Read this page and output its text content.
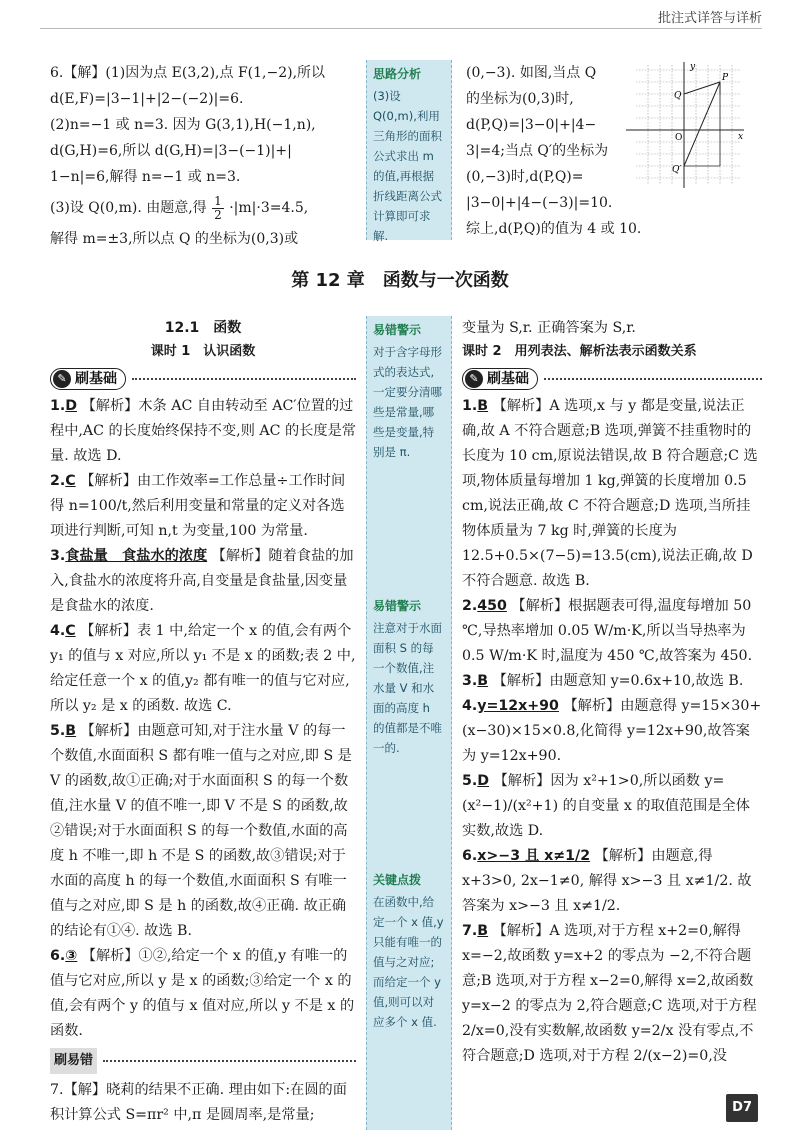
批注式详答与详析

6.【解】(1)因为点 E(3,2),点 F(1,−2),所以

d(E,F)=|3−1|+|2−(−2)|=6.

(2)n=−1 或 n=3. 因为 G(3,1),H(−1,n),

d(G,H)=6,所以 d(G,H)=|3−(−1)|+|

1−n|=6,解得 n=−1 或 n=3.

(3)设 Q(0,m). 由题意,得 $\frac{1}{2} \cdot|m|\cdot 3=4.5$,

解得 m=±3,所以点 Q 的坐标为(0,3)或

思路分析
(3)设 Q(0,m),利用三角形的面积公式求出 m 的值,再根据折线距离公式计算即可求解.

(0,−3). 如图,当点 Q

的坐标为(0,3)时,

d(P,Q)=|3−0|+|4−

3|=4;当点 Q′的坐标为

(0,−3)时,d(P,Q)=

|3−0|+|4−(−3)|=10.

综上,d(P,Q)的值为 4 或 10.

y
x
O
P
Q
Q′
第 12 章　函数与一次函数

12.1　函数

课时 1　认识函数

✎ 刷基础
1.D 【解析】木条 AC 自由转动至 AC′位置的过程中,AC 的长度始终保持不变,则 AC 的长度是常量. 故选 D.
2.C 【解析】由工作效率=工作总量÷工作时间得 n=100/t,然后利用变量和常量的定义对各选项进行判断,可知 n,t 为变量,100 为常量.
3.食盐量　食盐水的浓度 【解析】随着食盐的加入,食盐水的浓度将升高,自变量是食盐量,因变量是食盐水的浓度.
4.C 【解析】表 1 中,给定一个 x 的值,会有两个 y₁ 的值与 x 对应,所以 y₁ 不是 x 的函数;表 2 中,给定任意一个 x 的值,y₂ 都有唯一的值与它对应,所以 y₂ 是 x 的函数. 故选 C.
5.B 【解析】由题意可知,对于注水量 V 的每一个数值,水面面积 S 都有唯一值与之对应,即 S 是 V 的函数,故①正确;对于水面面积 S 的每一个数值,注水量 V 的值不唯一,即 V 不是 S 的函数,故②错误;对于水面面积 S 的每一个数值,水面的高度 h 不唯一,即 h 不是 S 的函数,故③错误;对于水面的高度 h 的每一个数值,水面面积 S 有唯一值与之对应,即 S 是 h 的函数,故④正确. 故正确的结论有①④. 故选 B.
6.③ 【解析】①②,给定一个 x 的值,y 有唯一的值与它对应,所以 y 是 x 的函数;③给定一个 x 的值,会有两个 y 的值与 x 值对应,所以 y 不是 x 的函数.
刷易错
7.【解】晓莉的结果不正确. 理由如下:在圆的面积计算公式 S=πr² 中,π 是圆周率,是常量;
易错警示
对于含字母形式的表达式,一定要分清哪些是常量,哪些是变量,特别是 π.
易错警示
注意对于水面面积 S 的每一个数值,注水量 V 和水面的高度 h 的值都是不唯一的.
关键点拨
在函数中,给定一个 x 值,y 只能有唯一的值与之对应;而给定一个 y 值,则可以对应多个 x 值.

变量为 S,r. 正确答案为 S,r.

课时 2　用列表法、解析法表示函数关系

✎ 刷基础
1.B 【解析】A 选项,x 与 y 都是变量,说法正确,故 A 不符合题意;B 选项,弹簧不挂重物时的长度为 10 cm,原说法错误,故 B 符合题意;C 选项,物体质量每增加 1 kg,弹簧的长度增加 0.5 cm,说法正确,故 C 不符合题意;D 选项,当所挂物体质量为 7 kg 时,弹簧的长度为 12.5+0.5×(7−5)=13.5(cm),说法正确,故 D 不符合题意. 故选 B.
2.450 【解析】根据题表可得,温度每增加 50 ℃,导热率增加 0.05 W/m·K,所以当导热率为 0.5 W/m·K 时,温度为 450 ℃,故答案为 450.
3.B 【解析】由题意知 y=0.6x+10,故选 B.
4.y=12x+90 【解析】由题意得 y=15×30+(x−30)×15×0.8,化简得 y=12x+90,故答案为 y=12x+90.
5.D 【解析】因为 x²+1>0,所以函数 y=(x²−1)/(x²+1) 的自变量 x 的取值范围是全体实数,故选 D.
6.x>−3 且 x≠1/2 【解析】由题意,得 x+3>0, 2x−1≠0, 解得 x>−3 且 x≠1/2. 故答案为 x>−3 且 x≠1/2.
7.B 【解析】A 选项,对于方程 x+2=0,解得 x=−2,故函数 y=x+2 的零点为 −2,不符合题意;B 选项,对于方程 x−2=0,解得 x=2,故函数 y=x−2 的零点为 2,符合题意;C 选项,对于方程 2/x=0,没有实数解,故函数 y=2/x 没有零点,不符合题意;D 选项,对于方程 2/(x−2)=0,没
D7
